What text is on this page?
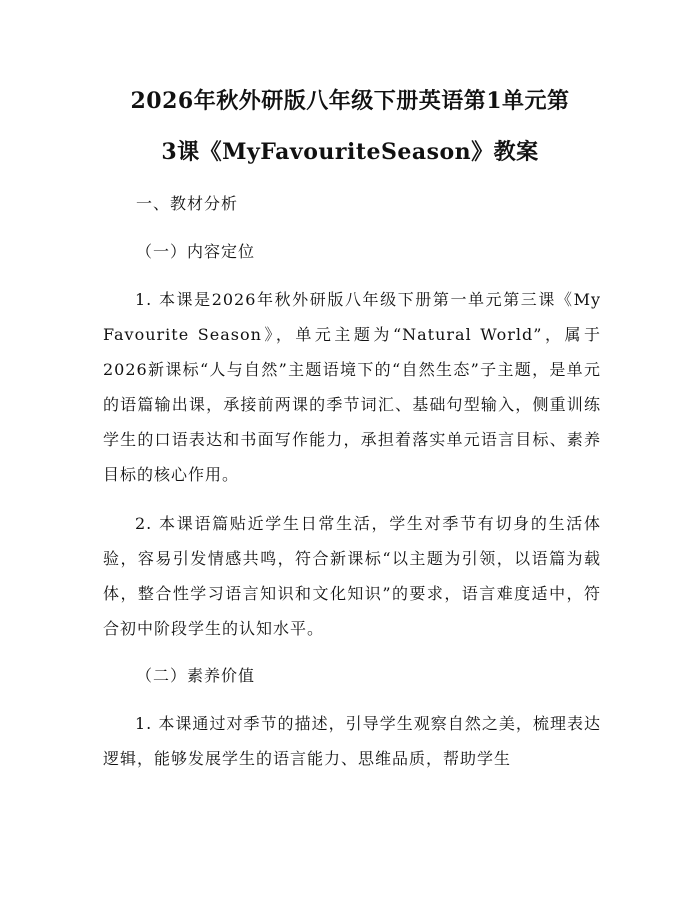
2026年秋外研版八年级下册英语第1单元第
3课《MyFavouriteSeason》教案
一、教材分析
（一）内容定位

1. 本课是2026年秋外研版八年级下册第一单元第三课《My Favourite Season》，单元主题为“Natural World”，属于2026新课标“人与自然”主题语境下的“自然生态”子主题，是单元的语篇输出课，承接前两课的季节词汇、基础句型输入，侧重训练学生的口语表达和书面写作能力，承担着落实单元语言目标、素养目标的核心作用。

2. 本课语篇贴近学生日常生活，学生对季节有切身的生活体验，容易引发情感共鸣，符合新课标“以主题为引领，以语篇为载体，整合性学习语言知识和文化知识”的要求，语言难度适中，符合初中阶段学生的认知水平。

（二）素养价值

1. 本课通过对季节的描述，引导学生观察自然之美，梳理表达逻辑，能够发展学生的语言能力、思维品质，帮助学生
